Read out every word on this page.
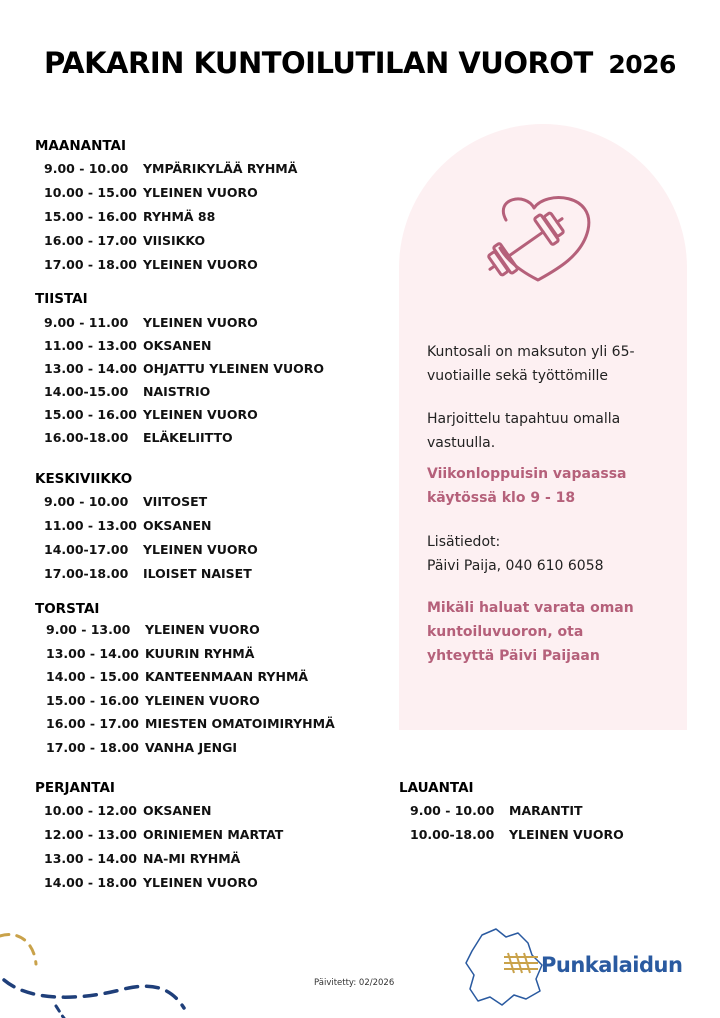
PAKARIN KUNTOILUTILAN VUOROT 2026
MAANANTAI
9.00 - 10.00	YMPÄRIKYLÄÄ RYHMÄ
10.00 - 15.00 YLEINEN VUORO
15.00 - 16.00 RYHMÄ 88
16.00 - 17.00 VIISIKKO
17.00 - 18.00 YLEINEN VUORO
TIISTAI
9.00 - 11.00	YLEINEN VUORO
11.00 - 13.00 OKSANEN
13.00 - 14.00 OHJATTU YLEINEN VUORO
14.00-15.00	NAISTRIO
15.00 - 16.00 YLEINEN VUORO
16.00-18.00	ELÄKELIITTO
KESKIVIIKKO
9.00 - 10.00	VIITOSET
11.00 - 13.00 OKSANEN
14.00-17.00	YLEINEN VUORO
17.00-18.00	ILOISET NAISET
TORSTAI
9.00 - 13.00	YLEINEN VUORO
13.00 - 14.00 KUURIN RYHMÄ
14.00 - 15.00 KANTEENMAAN RYHMÄ
15.00 - 16.00 YLEINEN VUORO
16.00 - 17.00 MIESTEN OMATOIMIRYHMÄ
17.00 - 18.00 VANHA JENGI
PERJANTAI
10.00 - 12.00 OKSANEN
12.00 - 13.00 ORINIEMEN MARTAT
13.00 - 14.00 NA-MI RYHMÄ
14.00 - 18.00 YLEINEN VUORO
LAUANTAI
9.00 - 10.00	MARANTIT
10.00-18.00	YLEINEN VUORO
Kuntosali on maksuton yli 65-vuotiaille sekä työttömille
Harjoittelu tapahtuu omalla vastuulla.
Viikonloppuisin vapaassa käytössä klo 9 - 18
Lisätiedot:
Päivi Paija, 040 610 6058
Mikäli haluat varata oman kuntoiluvuoron, ota yhteyttä Päivi Paijaan
Päivitetty: 02/2026
Punkalaidun
